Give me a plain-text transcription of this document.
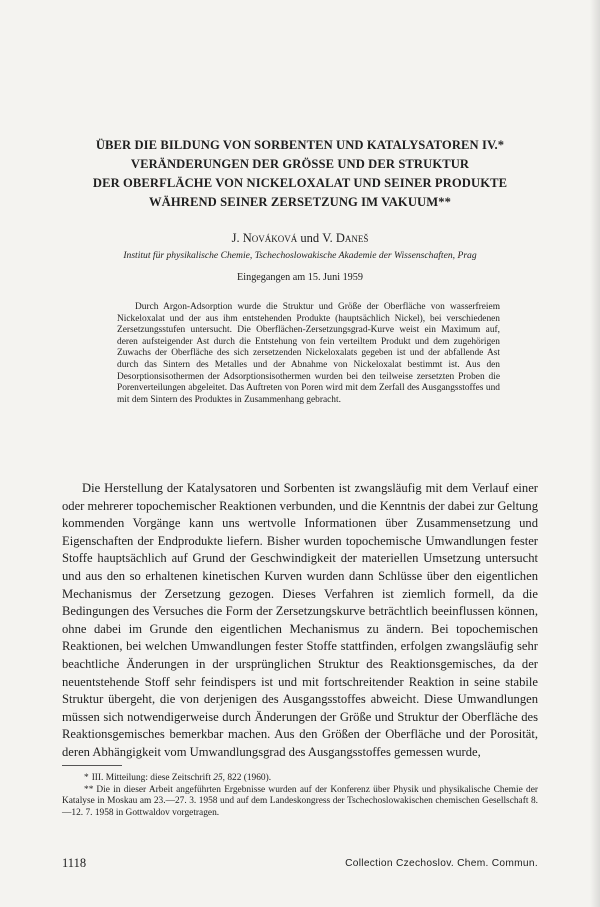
ÜBER DIE BILDUNG VON SORBENTEN UND KATALYSATOREN IV.*
VERÄNDERUNGEN DER GRÖSSE UND DER STRUKTUR
DER OBERFLÄCHE VON NICKELOXALAT UND SEINER PRODUKTE
WÄHREND SEINER ZERSETZUNG IM VAKUUM**
J. Nováková und V. Daneš
Institut für physikalische Chemie, Tschechoslowakische Akademie der Wissenschaften, Prag
Eingegangen am 15. Juni 1959

Durch Argon-Adsorption wurde die Struktur und Größe der Oberfläche von wasserfreiem Nickeloxalat und der aus ihm entstehenden Produkte (hauptsächlich Nickel), bei verschiedenen Zersetzungsstufen untersucht. Die Oberflächen-Zersetzungsgrad-Kurve weist ein Maximum auf, deren aufsteigender Ast durch die Entstehung von fein verteiltem Produkt und dem zugehörigen Zuwachs der Oberfläche des sich zersetzenden Nickeloxalats gegeben ist und der abfallende Ast durch das Sintern des Metalles und der Abnahme von Nickeloxalat bestimmt ist. Aus den Desorptionsisothermen der Adsorptionsisothermen wurden bei den teilweise zersetzten Proben die Porenverteilungen abgeleitet. Das Auftreten von Poren wird mit dem Zerfall des Ausgangsstoffes und mit dem Sintern des Produktes in Zusammenhang gebracht.

Die Herstellung der Katalysatoren und Sorbenten ist zwangsläufig mit dem Verlauf einer oder mehrerer topochemischer Reaktionen verbunden, und die Kenntnis der dabei zur Geltung kommenden Vorgänge kann uns wertvolle Informationen über Zusammensetzung und Eigenschaften der Endprodukte liefern. Bisher wurden topochemische Umwandlungen fester Stoffe hauptsächlich auf Grund der Geschwindigkeit der materiellen Umsetzung untersucht und aus den so erhaltenen kinetischen Kurven wurden dann Schlüsse über den eigentlichen Mechanismus der Zersetzung gezogen. Dieses Verfahren ist ziemlich formell, da die Bedingungen des Versuches die Form der Zersetzungskurve beträchtlich beeinflussen können, ohne dabei im Grunde den eigentlichen Mechanismus zu ändern. Bei topochemischen Reaktionen, bei welchen Umwandlungen fester Stoffe stattfinden, erfolgen zwangsläufig sehr beachtliche Änderungen in der ursprünglichen Struktur des Reaktionsgemisches, da der neuentstehende Stoff sehr feindispers ist und mit fortschreitender Reaktion in seine stabile Struktur übergeht, die von derjenigen des Ausgangsstoffes abweicht. Diese Umwandlungen müssen sich notwendigerweise durch Änderungen der Größe und Struktur der Oberfläche des Reaktionsgemisches bemerkbar machen. Aus den Größen der Oberfläche und der Porosität, deren Abhängigkeit vom Umwandlungsgrad des Ausgangsstoffes gemessen wurde,

* III. Mitteilung: diese Zeitschrift 25, 822 (1960).

** Die in dieser Arbeit angeführten Ergebnisse wurden auf der Konferenz über Physik und physikalische Chemie der Katalyse in Moskau am 23.—27. 3. 1958 und auf dem Landeskongress der Tschechoslowakischen chemischen Gesellschaft 8.—12. 7. 1958 in Gottwaldov vorgetragen.

1118	Collection Czechoslov. Chem. Commun.
